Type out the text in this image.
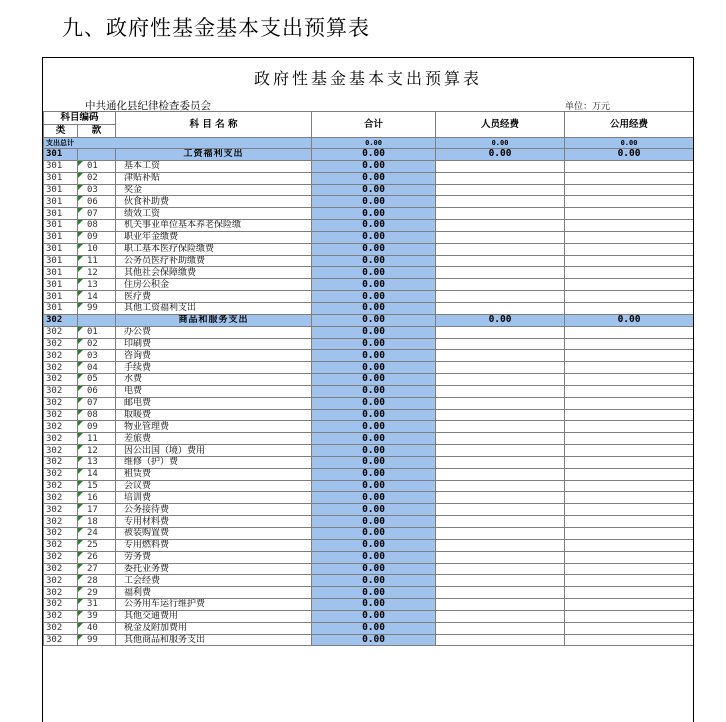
九、政府性基金基本支出预算表
政府性基金基本支出预算表
中共通化县纪律检查委员会	单位：万元
科目编码		科 目 名 称	合计	人员经费	公用经费
类	款				
支出总计			0.00	0.00	0.00
301		工资福利支出	0.00	0.00	0.00
301	01	基本工资	0.00		
301	02	津贴补贴	0.00		
301	03	奖金	0.00		
301	06	伙食补助费	0.00		
301	07	绩效工资	0.00		
301	08	机关事业单位基本养老保险缴	0.00		
301	09	职业年金缴费	0.00		
301	10	职工基本医疗保险缴费	0.00		
301	11	公务员医疗补助缴费	0.00		
301	12	其他社会保障缴费	0.00		
301	13	住房公积金	0.00		
301	14	医疗费	0.00		
301	99	其他工资福利支出	0.00		
302		商品和服务支出	0.00	0.00	0.00
302	01	办公费	0.00		
302	02	印刷费	0.00		
302	03	咨询费	0.00		
302	04	手续费	0.00		
302	05	水费	0.00		
302	06	电费	0.00		
302	07	邮电费	0.00		
302	08	取暖费	0.00		
302	09	物业管理费	0.00		
302	11	差旅费	0.00		
302	12	因公出国（境）费用	0.00		
302	13	维修（护）费	0.00		
302	14	租赁费	0.00		
302	15	会议费	0.00		
302	16	培训费	0.00		
302	17	公务接待费	0.00		
302	18	专用材料费	0.00		
302	24	被装购置费	0.00		
302	25	专用燃料费	0.00		
302	26	劳务费	0.00		
302	27	委托业务费	0.00		
302	28	工会经费	0.00		
302	29	福利费	0.00		
302	31	公务用车运行维护费	0.00		
302	39	其他交通费用	0.00		
302	40	税金及附加费用	0.00		
302	99	其他商品和服务支出	0.00		
